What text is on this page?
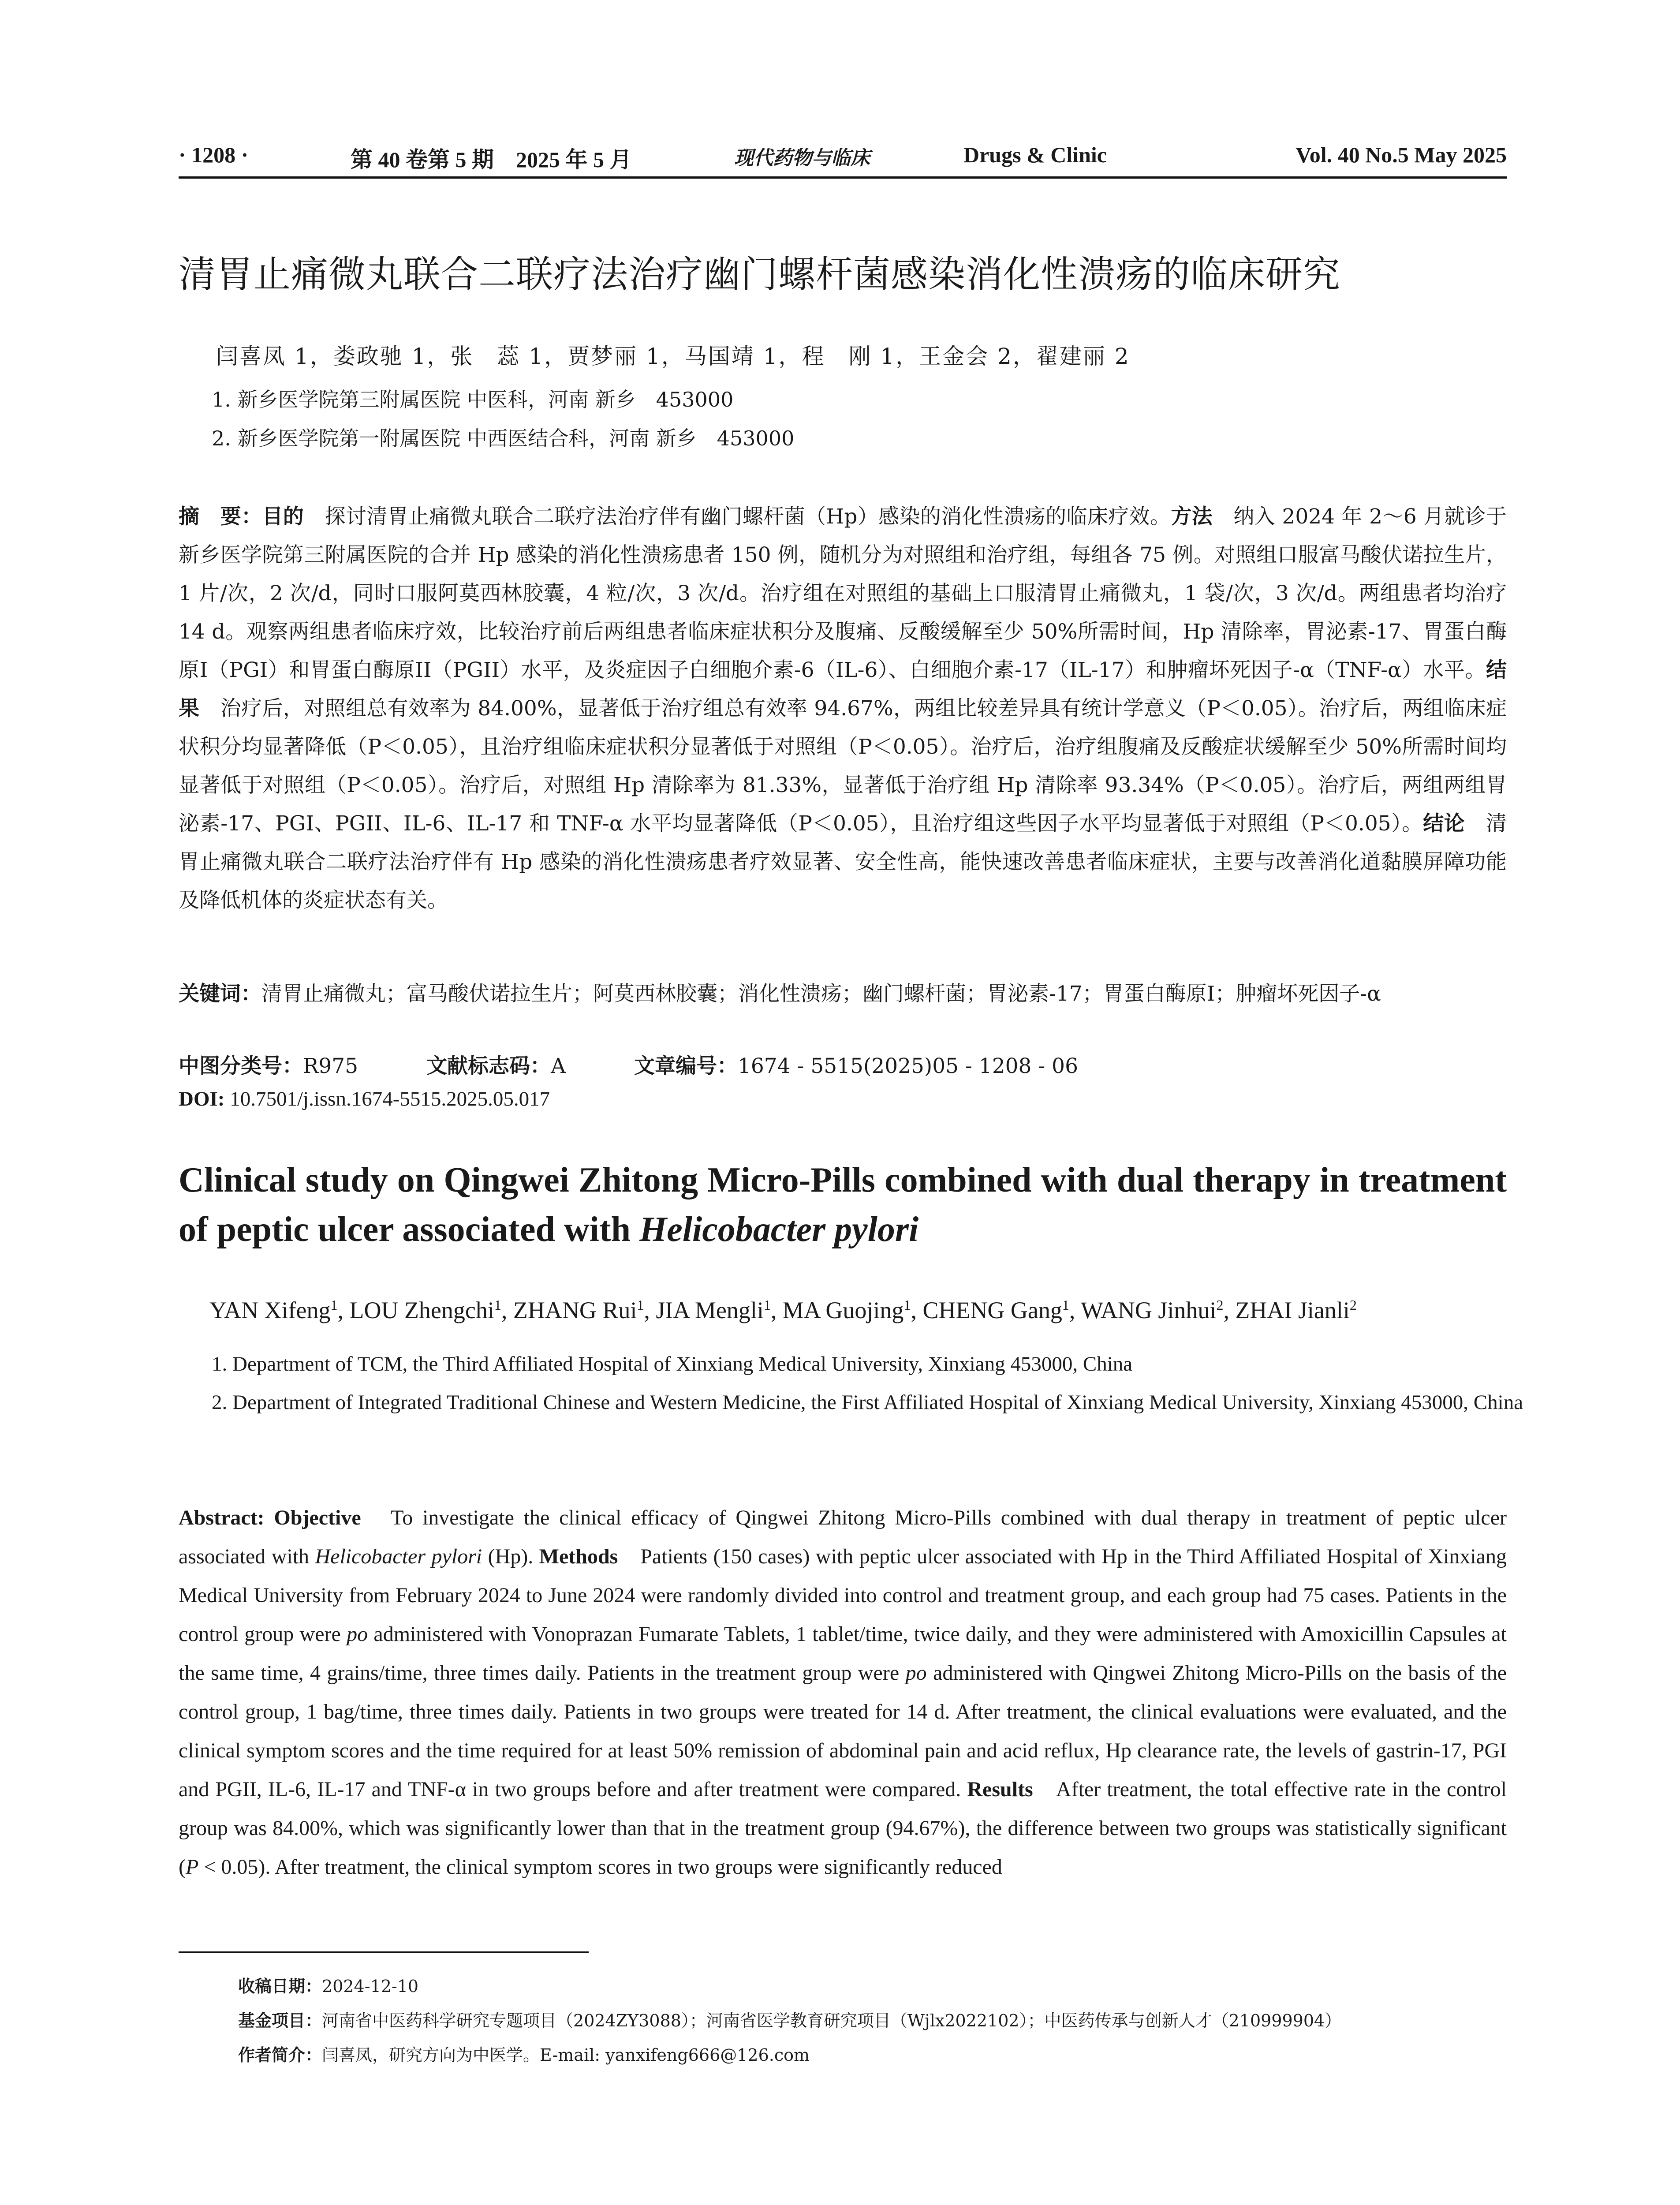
· 1208 ·	第 40 卷第 5 期　2025 年 5 月	现代药物与临床	Drugs & Clinic	Vol. 40 No.5 May 2025
清胃止痛微丸联合二联疗法治疗幽门螺杆菌感染消化性溃疡的临床研究
闫喜凤 1，娄政驰 1，张　蕊 1，贾梦丽 1，马国靖 1，程　刚 1，王金会 2，翟建丽 2
1. 新乡医学院第三附属医院 中医科，河南 新乡　453000
2. 新乡医学院第一附属医院 中西医结合科，河南 新乡　453000
摘　要：目的　 探讨清胃止痛微丸联合二联疗法治疗伴有幽门螺杆菌（Hp）感染的消化性溃疡的临床疗效。方法　 纳入 2024 年 2～6 月就诊于新乡医学院第三附属医院的合并 Hp 感染的消化性溃疡患者 150 例，随机分为对照组和治疗组，每组各 75 例。对照组口服富马酸伏诺拉生片，1 片/次，2 次/d，同时口服阿莫西林胶囊，4 粒/次，3 次/d。治疗组在对照组的基础上口服清胃止痛微丸，1 袋/次，3 次/d。两组患者均治疗 14 d。观察两组患者临床疗效，比较治疗前后两组患者临床症状积分及腹痛、反酸缓解至少 50%所需时间，Hp 清除率，胃泌素-17、胃蛋白酶原I（PGI）和胃蛋白酶原II（PGII）水平，及炎症因子白细胞介素-6（IL-6）、白细胞介素-17（IL-17）和肿瘤坏死因子-α（TNF-α）水平。结果　 治疗后，对照组总有效率为 84.00%，显著低于治疗组总有效率 94.67%，两组比较差异具有统计学意义（P＜0.05）。治疗后，两组临床症状积分均显著降低（P＜0.05），且治疗组临床症状积分显著低于对照组（P＜0.05）。治疗后，治疗组腹痛及反酸症状缓解至少 50%所需时间均显著低于对照组（P＜0.05）。治疗后，对照组 Hp 清除率为 81.33%，显著低于治疗组 Hp 清除率 93.34%（P＜0.05）。治疗后，两组两组胃泌素-17、PGI、PGII、IL-6、IL-17 和 TNF-α 水平均显著降低（P＜0.05），且治疗组这些因子水平均显著低于对照组（P＜0.05）。结论　 清胃止痛微丸联合二联疗法治疗伴有 Hp 感染的消化性溃疡患者疗效显著、安全性高，能快速改善患者临床症状，主要与改善消化道黏膜屏障功能及降低机体的炎症状态有关。
关键词：清胃止痛微丸；富马酸伏诺拉生片；阿莫西林胶囊；消化性溃疡；幽门螺杆菌；胃泌素-17；胃蛋白酶原Ⅰ；肿瘤坏死因子-α
中图分类号：R975	文献标志码：A	文章编号：1674 - 5515(2025)05 - 1208 - 06
DOI: 10.7501/j.issn.1674-5515.2025.05.017
Clinical study on Qingwei Zhitong Micro-Pills combined with dual therapy in treatment of peptic ulcer associated with Helicobacter pylori
YAN Xifeng$^1$, LOU Zhengchi$^1$, ZHANG Rui$^1$, JIA Mengli$^1$, MA Guojing$^1$, CHENG Gang$^1$, WANG Jinhui$^2$, ZHAI Jianli$^2$
1. Department of TCM, the Third Affiliated Hospital of Xinxiang Medical University, Xinxiang 453000, China
2. Department of Integrated Traditional Chinese and Western Medicine, the First Affiliated Hospital of Xinxiang Medical University, Xinxiang 453000, China
Abstract: Objective　 To investigate the clinical efficacy of Qingwei Zhitong Micro-Pills combined with dual therapy in treatment of peptic ulcer associated with Helicobacter pylori (Hp). Methods　 Patients (150 cases) with peptic ulcer associated with Hp in the Third Affiliated Hospital of Xinxiang Medical University from February 2024 to June 2024 were randomly divided into control and treatment group, and each group had 75 cases. Patients in the control group were po administered with Vonoprazan Fumarate Tablets, 1 tablet/time, twice daily, and they were administered with Amoxicillin Capsules at the same time, 4 grains/time, three times daily. Patients in the treatment group were po administered with Qingwei Zhitong Micro-Pills on the basis of the control group, 1 bag/time, three times daily. Patients in two groups were treated for 14 d. After treatment, the clinical evaluations were evaluated, and the clinical symptom scores and the time required for at least 50% remission of abdominal pain and acid reflux, Hp clearance rate, the levels of gastrin-17, PGI and PGII, IL-6, IL-17 and TNF-α in two groups before and after treatment were compared. Results　 After treatment, the total effective rate in the control group was 84.00%, which was significantly lower than that in the treatment group (94.67%), the difference between two groups was statistically significant (P < 0.05). After treatment, the clinical symptom scores in two groups were significantly reduced
收稿日期：2024-12-10
基金项目：河南省中医药科学研究专题项目（2024ZY3088）；河南省医学教育研究项目（Wjlx2022102）；中医药传承与创新人才（210999904）
作者简介：闫喜凤，研究方向为中医学。E-mail: yanxifeng666@126.com
